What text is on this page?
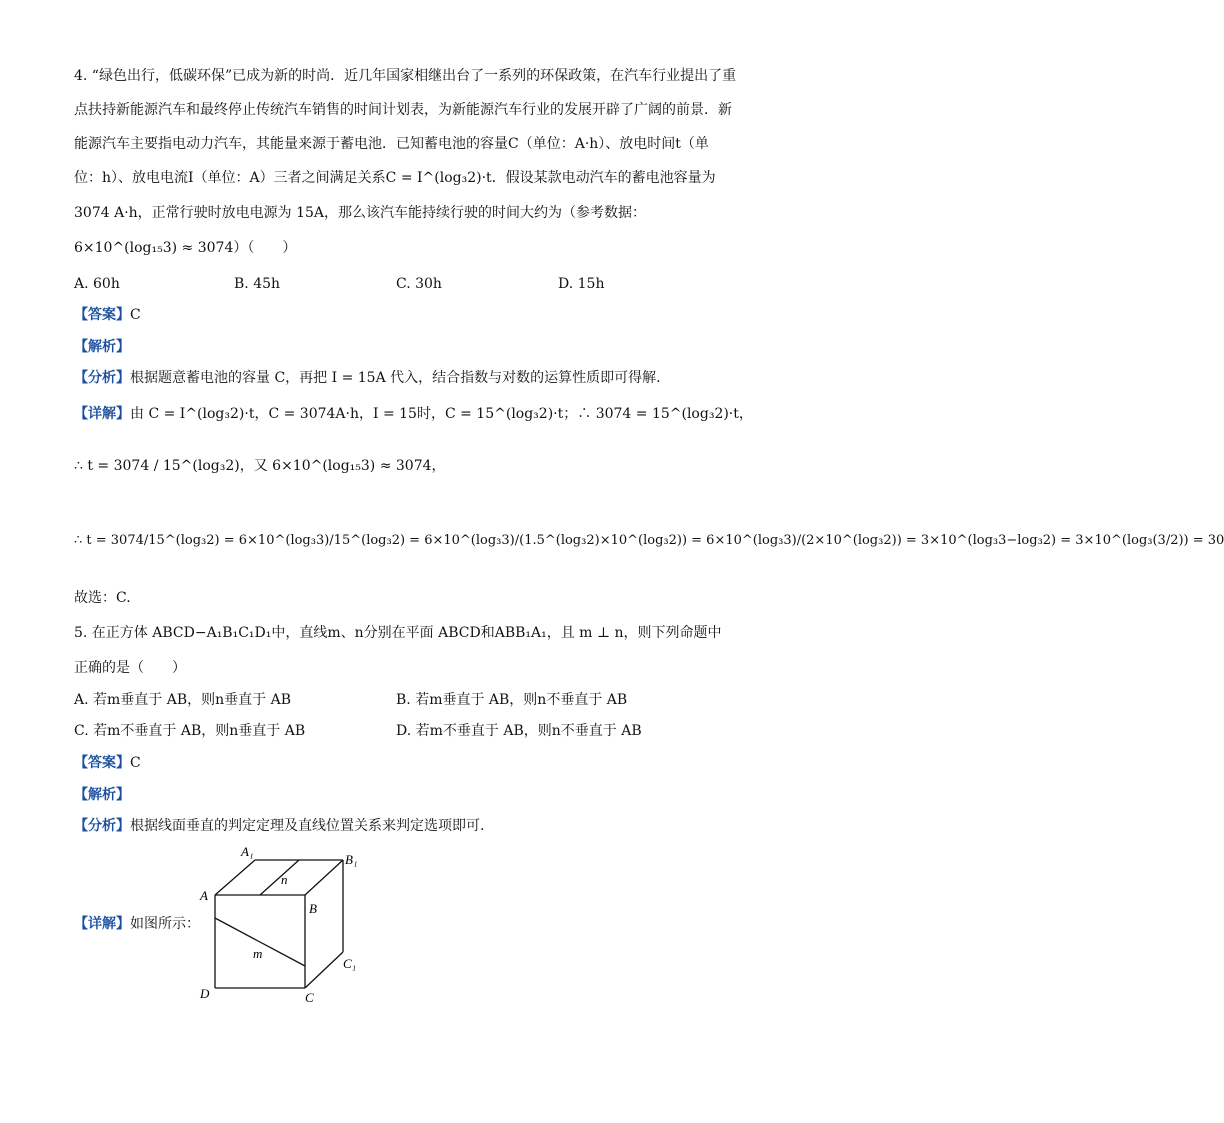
4. “绿色出行，低碳环保”已成为新的时尚．近几年国家相继出台了一系列的环保政策，在汽车行业提出了重
点扶持新能源汽车和最终停止传统汽车销售的时间计划表，为新能源汽车行业的发展开辟了广阔的前景．新
能源汽车主要指电动力汽车，其能量来源于蓄电池．已知蓄电池的容量C（单位：A·h）、放电时间t（单
位：h）、放电电流I（单位：A）三者之间满足关系C = I^(log₃2)·t．假设某款电动汽车的蓄电池容量为
3074 A·h，正常行驶时放电电源为 15A，那么该汽车能持续行驶的时间大约为（参考数据：
6×10^(log₁₅3) ≈ 3074）（　　）
A. 60h	B. 45h	C. 30h	D. 15h
【答案】C
【解析】
【分析】根据题意蓄电池的容量 C，再把 I = 15A 代入，结合指数与对数的运算性质即可得解.
【详解】由 C = I^(log₃2)·t，C = 3074A·h，I = 15时，C = 15^(log₃2)·t；∴ 3074 = 15^(log₃2)·t，
∴ t = 3074 / 15^(log₃2)，又 6×10^(log₁₅3) ≈ 3074，
∴ t = 3074/15^(log₃2) = 6×10^(log₃3)/15^(log₃2) = 6×10^(log₃3)/(1.5^(log₃2)×10^(log₃2)) = 6×10^(log₃3)/(2×10^(log₃2)) = 3×10^(log₃3−log₃2) = 3×10^(log₃(3/2)) = 30
故选：C.
5. 在正方体 ABCD−A₁B₁C₁D₁中，直线m、n分别在平面 ABCD和ABB₁A₁，且 m ⊥ n，则下列命题中
正确的是（　　）
A. 若m垂直于 AB，则n垂直于 AB	B. 若m垂直于 AB，则n不垂直于 AB
C. 若m不垂直于 AB，则n垂直于 AB	D. 若m不垂直于 AB，则n不垂直于 AB
【答案】C
【解析】
【分析】根据线面垂直的判定定理及直线位置关系来判定选项即可.
【详解】如图所示：
A₁
B₁
A
B
C₁
D	C
m
n
